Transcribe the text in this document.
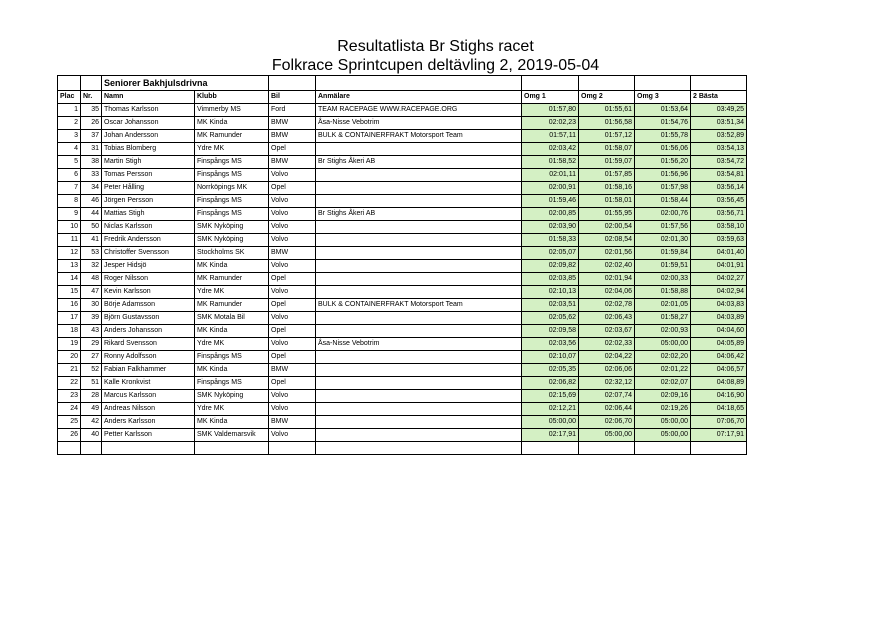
Resultatlista Br Stighs racet
Folkrace Sprintcupen deltävling 2, 2019-05-04
		Seniorer Bakhjulsdrivna							
Plac	Nr.	Namn	Klubb	Bil	Anmälare	Omg 1	Omg 2	Omg 3	2 Bästa
1	35	Thomas Karlsson	Vimmerby MS	Ford	TEAM RACEPAGE WWW.RACEPAGE.ORG	01:57,80	01:55,61	01:53,64	03:49,25
2	26	Oscar Johansson	MK Kinda	BMW	Åsa-Nisse Vebotrim	02:02,23	01:56,58	01:54,76	03:51,34
3	37	Johan Andersson	MK Ramunder	BMW	BULK & CONTAINERFRAKT Motorsport Team	01:57,11	01:57,12	01:55,78	03:52,89
4	31	Tobias Blomberg	Ydre MK	Opel		02:03,42	01:58,07	01:56,06	03:54,13
5	38	Martin Stigh	Finspångs MS	BMW	Br Stighs Åkeri AB	01:58,52	01:59,07	01:56,20	03:54,72
6	33	Tomas Persson	Finspångs MS	Volvo		02:01,11	01:57,85	01:56,96	03:54,81
7	34	Peter Hålling	Norrköpings MK	Opel		02:00,91	01:58,16	01:57,98	03:56,14
8	46	Jörgen Persson	Finspångs MS	Volvo		01:59,46	01:58,01	01:58,44	03:56,45
9	44	Mattias Stigh	Finspångs MS	Volvo	Br Stighs Åkeri AB	02:00,85	01:55,95	02:00,76	03:56,71
10	50	Niclas Karlsson	SMK Nyköping	Volvo		02:03,90	02:00,54	01:57,56	03:58,10
11	41	Fredrik Andersson	SMK Nyköping	Volvo		01:58,33	02:08,54	02:01,30	03:59,63
12	53	Christoffer Svensson	Stockholms SK	BMW		02:05,07	02:01,56	01:59,84	04:01,40
13	32	Jesper Hidsjö	MK Kinda	Volvo		02:09,82	02:02,40	01:59,51	04:01,91
14	48	Roger Nilsson	MK Ramunder	Opel		02:03,85	02:01,94	02:00,33	04:02,27
15	47	Kevin Karlsson	Ydre MK	Volvo		02:10,13	02:04,06	01:58,88	04:02,94
16	30	Börje Adamsson	MK Ramunder	Opel	BULK & CONTAINERFRAKT Motorsport Team	02:03,51	02:02,78	02:01,05	04:03,83
17	39	Björn Gustavsson	SMK Motala Bil	Volvo		02:05,62	02:06,43	01:58,27	04:03,89
18	43	Anders Johansson	MK Kinda	Opel		02:09,58	02:03,67	02:00,93	04:04,60
19	29	Rikard Svensson	Ydre MK	Volvo	Åsa-Nisse Vebotrim	02:03,56	02:02,33	05:00,00	04:05,89
20	27	Ronny Adolfsson	Finspångs MS	Opel		02:10,07	02:04,22	02:02,20	04:06,42
21	52	Fabian Falkhammer	MK Kinda	BMW		02:05,35	02:06,06	02:01,22	04:06,57
22	51	Kalle Kronkvist	Finspångs MS	Opel		02:06,82	02:32,12	02:02,07	04:08,89
23	28	Marcus Karlsson	SMK Nyköping	Volvo		02:15,69	02:07,74	02:09,16	04:16,90
24	49	Andreas Nilsson	Ydre MK	Volvo		02:12,21	02:06,44	02:19,26	04:18,65
25	42	Anders Karlsson	MK Kinda	BMW		05:00,00	02:06,70	05:00,00	07:06,70
26	40	Petter Karlsson	SMK Valdemarsvik	Volvo		02:17,91	05:00,00	05:00,00	07:17,91
